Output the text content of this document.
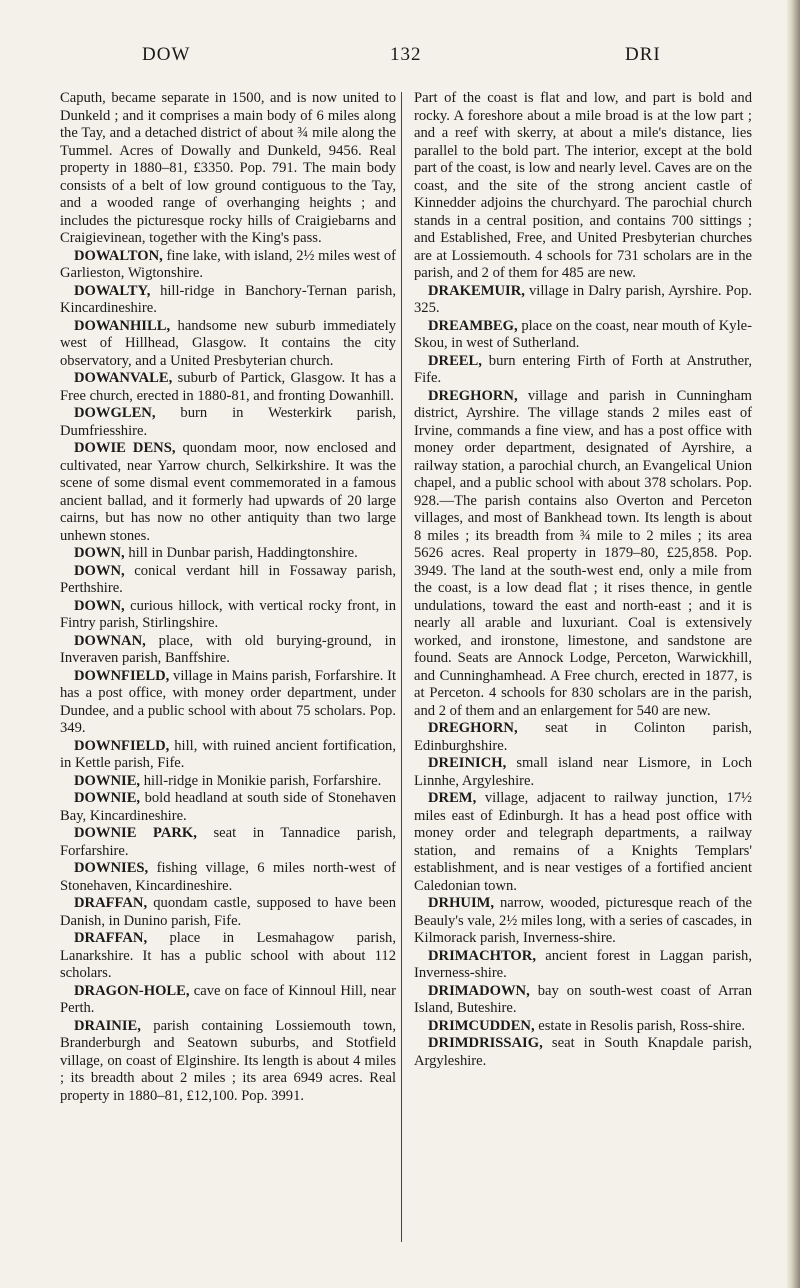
DOW	132	DRI

Caputh, became separate in 1500, and is now united to Dunkeld ; and it comprises a main body of 6 miles along the Tay, and a detached district of about ¾ mile along the Tummel. Acres of Dowally and Dunkeld, 9456. Real property in 1880–81, £3350. Pop. 791. The main body consists of a belt of low ground contiguous to the Tay, and a wooded range of overhanging heights ; and includes the picturesque rocky hills of Craigiebarns and Craigievinean, together with the King's pass.

DOWALTON, fine lake, with island, 2½ miles west of Garlieston, Wigtonshire.

DOWALTY, hill-ridge in Banchory-Ternan parish, Kincardineshire.

DOWANHILL, handsome new suburb immediately west of Hillhead, Glasgow. It contains the city observatory, and a United Presbyterian church.

DOWANVALE, suburb of Partick, Glasgow. It has a Free church, erected in 1880-81, and fronting Dowanhill.

DOWGLEN, burn in Westerkirk parish, Dumfriesshire.

DOWIE DENS, quondam moor, now enclosed and cultivated, near Yarrow church, Selkirkshire. It was the scene of some dismal event commemorated in a famous ancient ballad, and it formerly had upwards of 20 large cairns, but has now no other antiquity than two large unhewn stones.

DOWN, hill in Dunbar parish, Haddingtonshire.

DOWN, conical verdant hill in Fossaway parish, Perthshire.

DOWN, curious hillock, with vertical rocky front, in Fintry parish, Stirlingshire.

DOWNAN, place, with old burying-ground, in Inveraven parish, Banffshire.

DOWNFIELD, village in Mains parish, Forfarshire. It has a post office, with money order department, under Dundee, and a public school with about 75 scholars. Pop. 349.

DOWNFIELD, hill, with ruined ancient fortification, in Kettle parish, Fife.

DOWNIE, hill-ridge in Monikie parish, Forfarshire.

DOWNIE, bold headland at south side of Stonehaven Bay, Kincardineshire.

DOWNIE PARK, seat in Tannadice parish, Forfarshire.

DOWNIES, fishing village, 6 miles north-west of Stonehaven, Kincardineshire.

DRAFFAN, quondam castle, supposed to have been Danish, in Dunino parish, Fife.

DRAFFAN, place in Lesmahagow parish, Lanarkshire. It has a public school with about 112 scholars.

DRAGON-HOLE, cave on face of Kinnoul Hill, near Perth.

DRAINIE, parish containing Lossiemouth town, Branderburgh and Seatown suburbs, and Stotfield village, on coast of Elginshire. Its length is about 4 miles ; its breadth about 2 miles ; its area 6949 acres. Real property in 1880–81, £12,100. Pop. 3991.

Part of the coast is flat and low, and part is bold and rocky. A foreshore about a mile broad is at the low part ; and a reef with skerry, at about a mile's distance, lies parallel to the bold part. The interior, except at the bold part of the coast, is low and nearly level. Caves are on the coast, and the site of the strong ancient castle of Kinnedder adjoins the churchyard. The parochial church stands in a central position, and contains 700 sittings ; and Established, Free, and United Presbyterian churches are at Lossiemouth. 4 schools for 731 scholars are in the parish, and 2 of them for 485 are new.

DRAKEMUIR, village in Dalry parish, Ayrshire. Pop. 325.

DREAMBEG, place on the coast, near mouth of Kyle-Skou, in west of Sutherland.

DREEL, burn entering Firth of Forth at Anstruther, Fife.

DREGHORN, village and parish in Cunningham district, Ayrshire. The village stands 2 miles east of Irvine, commands a fine view, and has a post office with money order department, designated of Ayrshire, a railway station, a parochial church, an Evangelical Union chapel, and a public school with about 378 scholars. Pop. 928.—The parish contains also Overton and Perceton villages, and most of Bankhead town. Its length is about 8 miles ; its breadth from ¾ mile to 2 miles ; its area 5626 acres. Real property in 1879–80, £25,858. Pop. 3949. The land at the south-west end, only a mile from the coast, is a low dead flat ; it rises thence, in gentle undulations, toward the east and north-east ; and it is nearly all arable and luxuriant. Coal is extensively worked, and ironstone, limestone, and sandstone are found. Seats are Annock Lodge, Perceton, Warwickhill, and Cunninghamhead. A Free church, erected in 1877, is at Perceton. 4 schools for 830 scholars are in the parish, and 2 of them and an enlargement for 540 are new.

DREGHORN, seat in Colinton parish, Edinburghshire.

DREINICH, small island near Lismore, in Loch Linnhe, Argyleshire.

DREM, village, adjacent to railway junction, 17½ miles east of Edinburgh. It has a head post office with money order and telegraph departments, a railway station, and remains of a Knights Templars' establishment, and is near vestiges of a fortified ancient Caledonian town.

DRHUIM, narrow, wooded, picturesque reach of the Beauly's vale, 2½ miles long, with a series of cascades, in Kilmorack parish, Inverness-shire.

DRIMACHTOR, ancient forest in Laggan parish, Inverness-shire.

DRIMADOWN, bay on south-west coast of Arran Island, Buteshire.

DRIMCUDDEN, estate in Resolis parish, Ross-shire.

DRIMDRISSAIG, seat in South Knapdale parish, Argyleshire.
